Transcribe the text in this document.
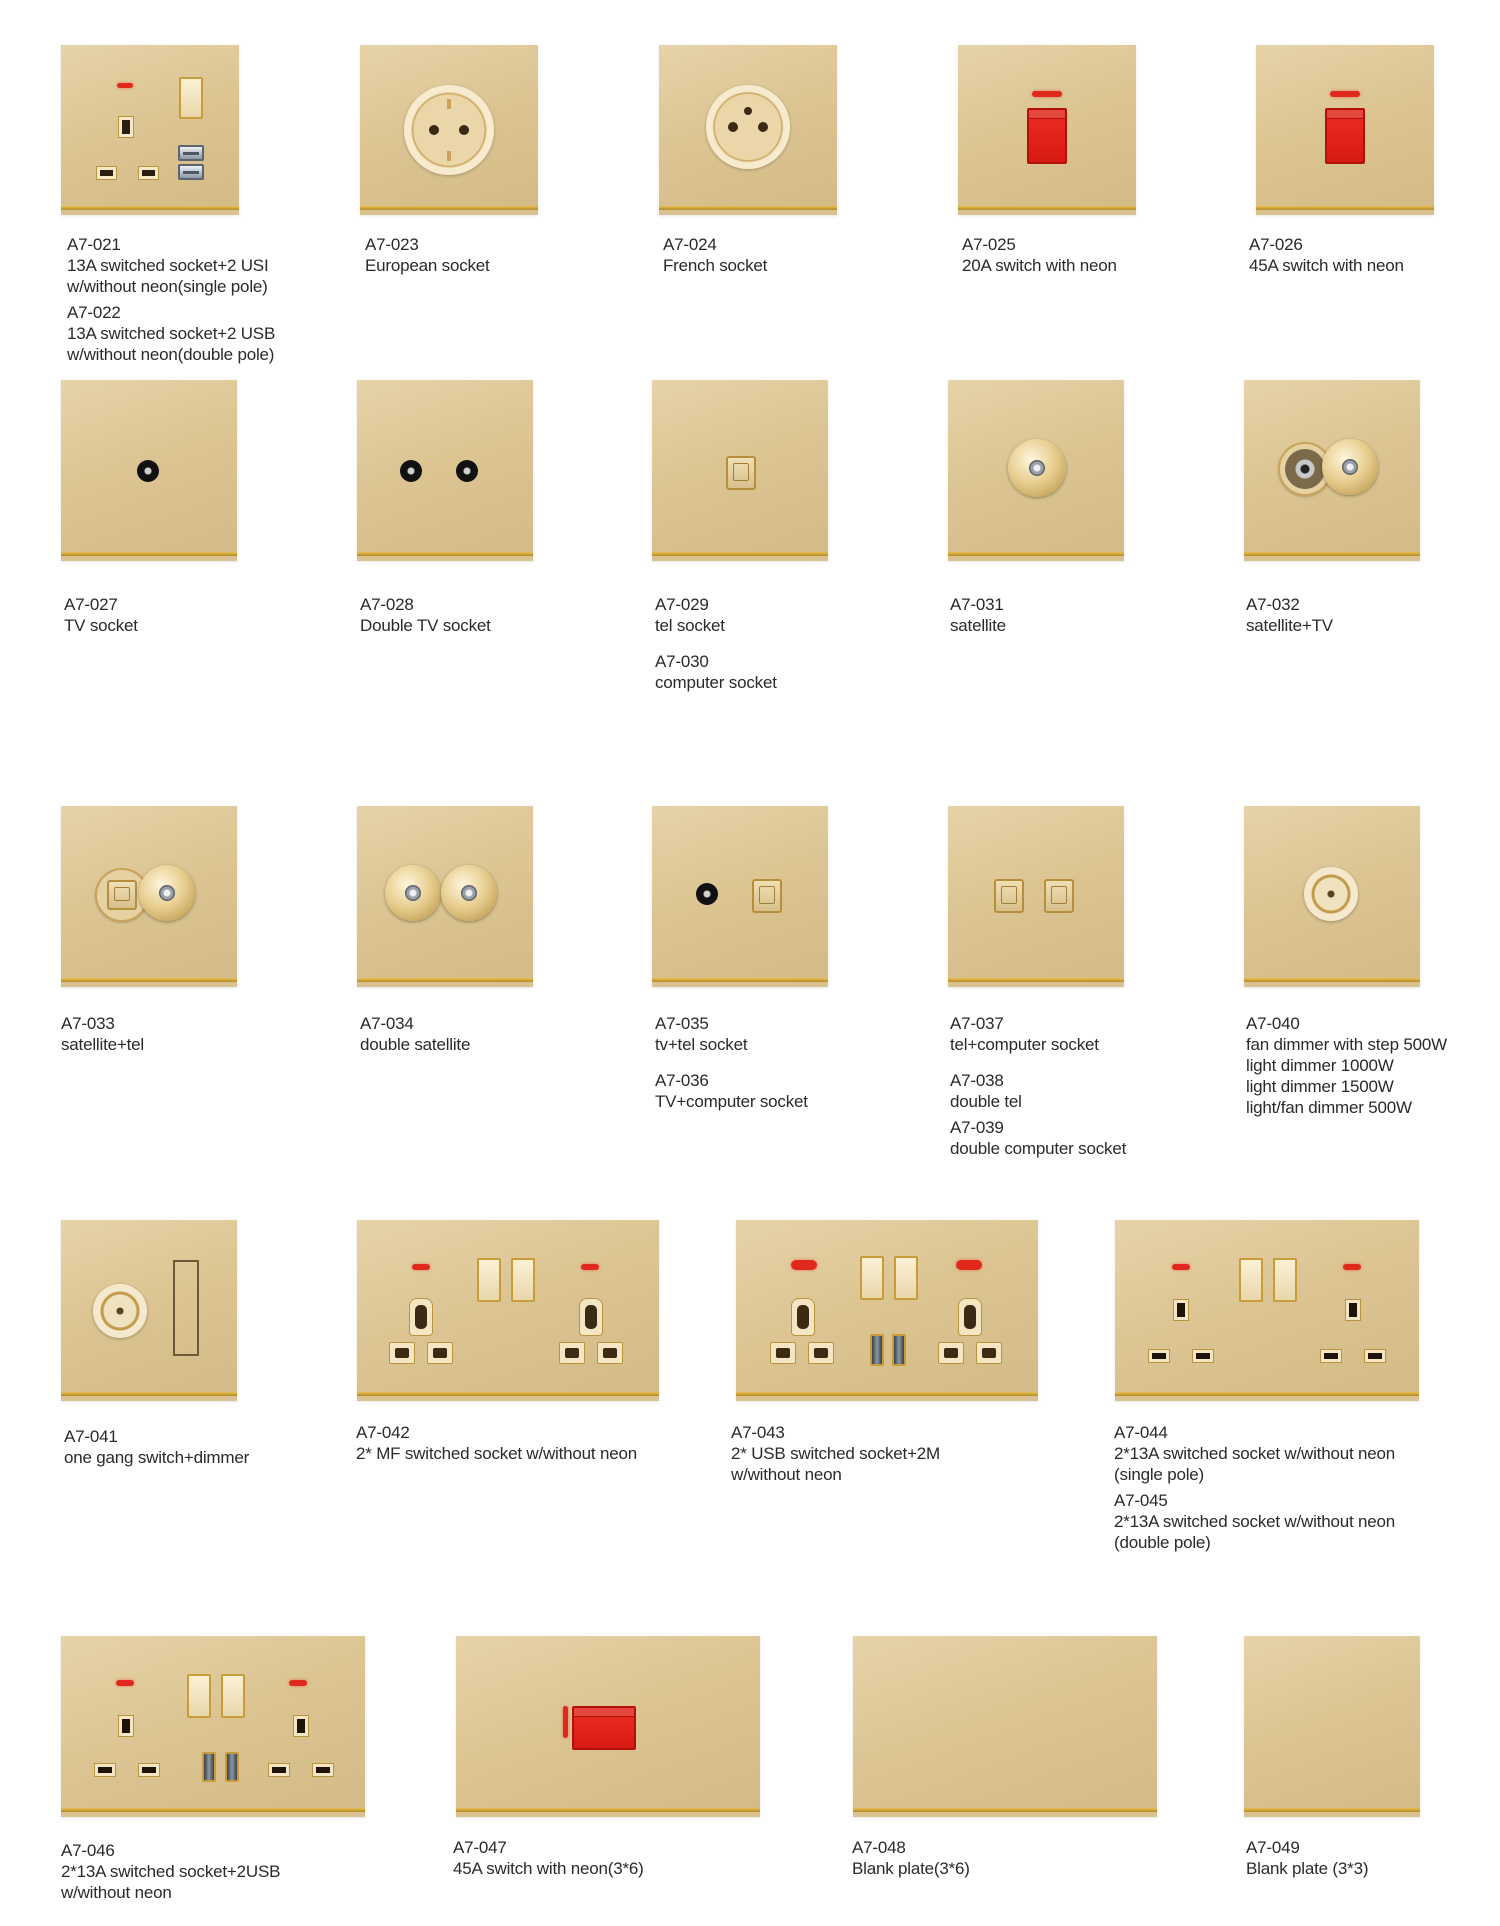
A7-021
13A switched socket+2 USI
w/without neon(single pole)
A7-022
13A switched socket+2 USB
w/without neon(double pole)
A7-023
European socket
A7-024
French socket
A7-025
20A switch with neon
A7-026
45A switch with neon
A7-027
TV socket
A7-028
Double TV socket
A7-029
tel socket
A7-030
computer socket
A7-031
satellite
A7-032
satellite+TV
A7-033
satellite+tel
A7-034
double satellite
A7-035
tv+tel socket
A7-036
TV+computer socket
A7-037
tel+computer socket
A7-038
double tel
A7-039
double computer socket
A7-040
fan dimmer with step 500W
light dimmer 1000W
light dimmer 1500W
light/fan dimmer 500W
A7-041
one gang switch+dimmer
A7-042
2* MF switched socket w/without neon
A7-043
2* USB switched socket+2M
w/without neon
A7-044
2*13A switched socket w/without neon
(single pole)
A7-045
2*13A switched socket w/without neon
(double pole)
A7-046
2*13A switched socket+2USB
w/without neon
A7-047
45A switch with neon(3*6)
A7-048
Blank plate(3*6)
A7-049
Blank plate (3*3)
